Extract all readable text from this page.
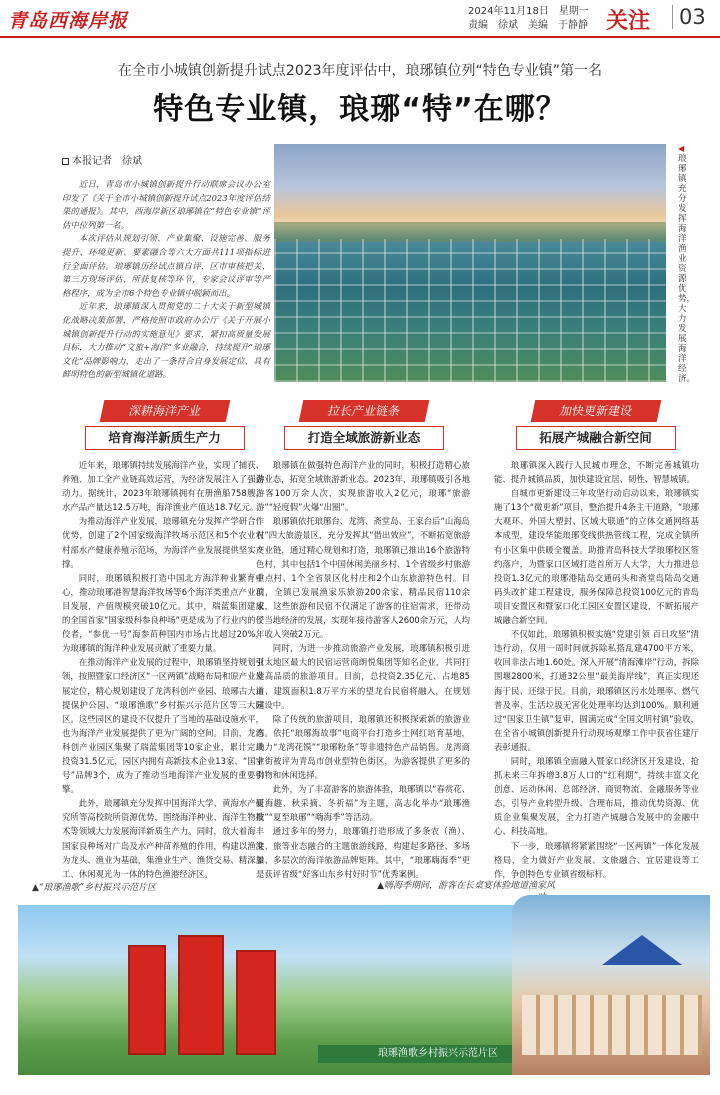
青岛西海岸报	2024年11月18日 星期一
责编　徐斌　美编　于静静 关注	03
在全市小城镇创新提升试点2023年度评估中，琅琊镇位列“特色专业镇”第一名
特色专业镇，琅琊“特”在哪？
本报记者　徐斌

近日，青岛市小城镇创新提升行动联席会议办公室印发了《关于全市小城镇创新提升试点2023年度评估结果的通报》。其中，西海岸新区琅琊镇在“特色专业镇”评估中位列第一名。

本次评估从规划引领、产业集聚、设施完善、服务提升、环境更新、要素融合等六大方面共111项指标进行全面评估。琅琊镇历经试点镇自评、区市审核把关、第三方现场评估、所获复核等环节，专家会议评审等严格程序，成为全市6个特色专业镇中脱颖而出。

近年来，琅琊镇深入贯彻党的二十大关于新型城镇化战略决策部署，严格按照市政府办公厅《关于开展小城镇创新提升行动的实施意见》要求，紧扣高质量发展目标，大力推动“文旅+海洋”多业融合，持续提升“琅琊文化”品牌影响力，走出了一条符合自身发展定位、具有鲜明特色的新型城镇化道路。

◀琅琊镇充分发挥海洋渔业资源优势，大力发展海洋经济。
深耕海洋产业
培育海洋新质生产力
拉长产业链条
打造全域旅游新业态
加快更新建设
拓展产城融合新空间

近年来，琅琊镇持续发展海洋产业，实现了捕获、养殖、加工全产业链高效运营，为经济发展注入了强劲动力。据统计，2023年琅琊镇拥有在册渔船758艘，水产品产量达12.5万吨，海洋渔业产值达18.7亿元。

为推动海洋产业发展，琅琊镇充分发挥产学研合作优势，创建了2个国家级海洋牧场示范区和5个农业农村部水产健康养殖示范场，为海洋产业发展提供坚实支撑。

同时，琅琊镇积极打造中国北方海洋种业繁育中心，推动琅琊港智慧海洋牧场等6个海洋类重点产业项目发展，产值规模突破10亿元。其中，瑞蓝集团建成的全国首家“国家级科参良种场”更是成为了行业内的佼佼者，“参优一号”海参苗种国内市场占比超过20%，为琅琊镇的海洋种业发展贡献了重要力量。

在推动海洋产业发展的过程中，琅琊镇坚持规划引领，按照暨家口经济区“一区两镇”战略布局和原产业发展定位，精心规划建设了龙湾科创产业园、琅琊古大道提保护公园、“琅琊渔歌”乡村振兴示范片区等三大园区。这些园区的建设不仅提升了当地的基础设施水平，也为海洋产业发展提供了更为广阔的空间。目前，龙湾科创产业园区集聚了瑞蓝集团等10家企业，累计完成投资31.5亿元，园区内拥有高新技术企业13家、“国字号”品牌3个，成为了推动当地海洋产业发展的重要引擎。

此外，琅琊镇充分发挥中国海洋大学、黄海水产研究所等高校院所资源优势，围绕海洋种业、海洋生物技术等领域大力发展海洋新质生产力。同时，放大着海丰国家良种场对广岛及水产种苗养殖的作用，构建以渔港为龙头、渔业为基础，集渔业生产、渔货交易、精深加工、休闲观光为一体的特色渔港经济区。

琅琊镇在做强特色海洋产业的同时，积极打造精心旅游业态，拓宽全域旅游新业态。2023年，琅琊镇吸引各地游客100万余人次，实现旅游收入2亿元，琅琊“旅游游”“轻度假”火爆“出圈”。

琅琊镇依托琅琊台、龙湾、斋堂岛、王家台后“山海岛村”四大旅游景区，充分发挥其“借出效应”，不断拓宽旅游产业链，通过精心规划和打造，琅琊镇已推出16个旅游特色村，其中包括1个中国休闲美丽乡村、1个省级乡村旅游重点村、1个全省景区化村庄和2个山东旅游特色村。目前，全镇已发展渔家乐旅游200余家、精品民宿110余家，这些旅游和民宿不仅满足了游客的住宿需求，还带动了当地经济的发展，实现年接待游客人2600余万元，人均年收入突破2万元。

同时，为进一步推动旅游产业发展，琅琊镇积极引进亚太地区最大的民宿运营商朗悦集团等知名企业，共同打造高品质的旅游项目。目前，总投资2.35亿元、占地85亩、建筑面积1.8万平方米的望龙台民宿将融入，在规划建设中。

除了传统的旅游项目，琅琊镇还积极探索新的旅游业态。依托“琅琊海故事”电商平台打造乡土网红培育基地，助力“龙湾花馍”“琅琊粉条”等非遗特色产品销售。龙湾商业街被评为青岛市创业型特色街区，为游客提供了更多的购物和休闲选择。

此外，为了丰富游客的旅游体验，琅琊镇以“春赏花、夏海趣、秋采摘、冬祈福”为主题，高志化举办“琅琊渔歌”“夏至琅琊”“嗨海季”等活动。

通过多年的努力，琅琊镇打造形成了多条农（渔）、文、旅等业态融合的主题旅游线路，构建起多路径、多场景、多层次的海洋旅游品牌矩阵。其中，“琅琊嗨海季”更是获评省级“好客山东乡村好时节”优秀案例。

琅琊镇深入践行人民城市理念，不断完善城镇功能、提升城镇品质，加快建设宜居、韧性、智慧城镇。

自城市更新建设三年攻坚行动启动以来，琅琊镇实施了13个“微更新”项目，整治提升4条主干道路，“琅琊大观环、外国大塑封、区域大联通”的立体交通网络基本成型，建设华能琅琊变线供热管线工程，完成全镇所有小区集中供暖全覆盖。助推青岛科技大学琅琊校区签约落户，为暨家口区域打造首所万人大学，大力推进总投资1.3亿元的琅琊港陆岛交通码头和斋堂岛陆岛交通码头改扩建工程建设，服务保障总投资100亿元的青岛项目安置区和暨家口化工园区安置区建设，不断拓展产城融合新空间。

不仅如此，琅琊镇积极实施“党建引领 百日攻坚”清违行动，仅用一周时间就拆除私搭乱建4700平方米，收回非法占地1.60处。深入开展“清海滩岸”行动，拆除围堰2800米，打通32公里“最美海岸线”，真正实现还海于民、还绿于民。目前，琅琊镇区污水处理率、燃气普及率、生活垃圾无害化处理率均达到100%。顺利通过“国家卫生镇”复审，圆满完成“全国文明村镇”验收，在全省小城镇创新提升行动现场观摩工作中获省住建厅表彰通报。

同时，琅琊镇全面融入暨家口经济区开发建设，抢抓未来三年拆增3.8万人口的“红利期”，持续丰富文化创意、运动休闲、总部经济、商贸物流、金融服务等业态，引导产业转型升级、合理布局，推动优势资源、优质企业集聚发展，全力打造产城融合发展中的金融中心、科技高地。

下一步，琅琊镇将紧紧围绕“一区两镇”一体化发展格局，全力做好产业发展、文旅融合、宜居建设等工作，争创特色专业镇省级标杆。

▲“琅琊渔歌”乡村振兴示范片区	▲嗨海季期间，游客在长桌宴体验地道渔家风
琅琊渔歌乡村振兴示范片区
